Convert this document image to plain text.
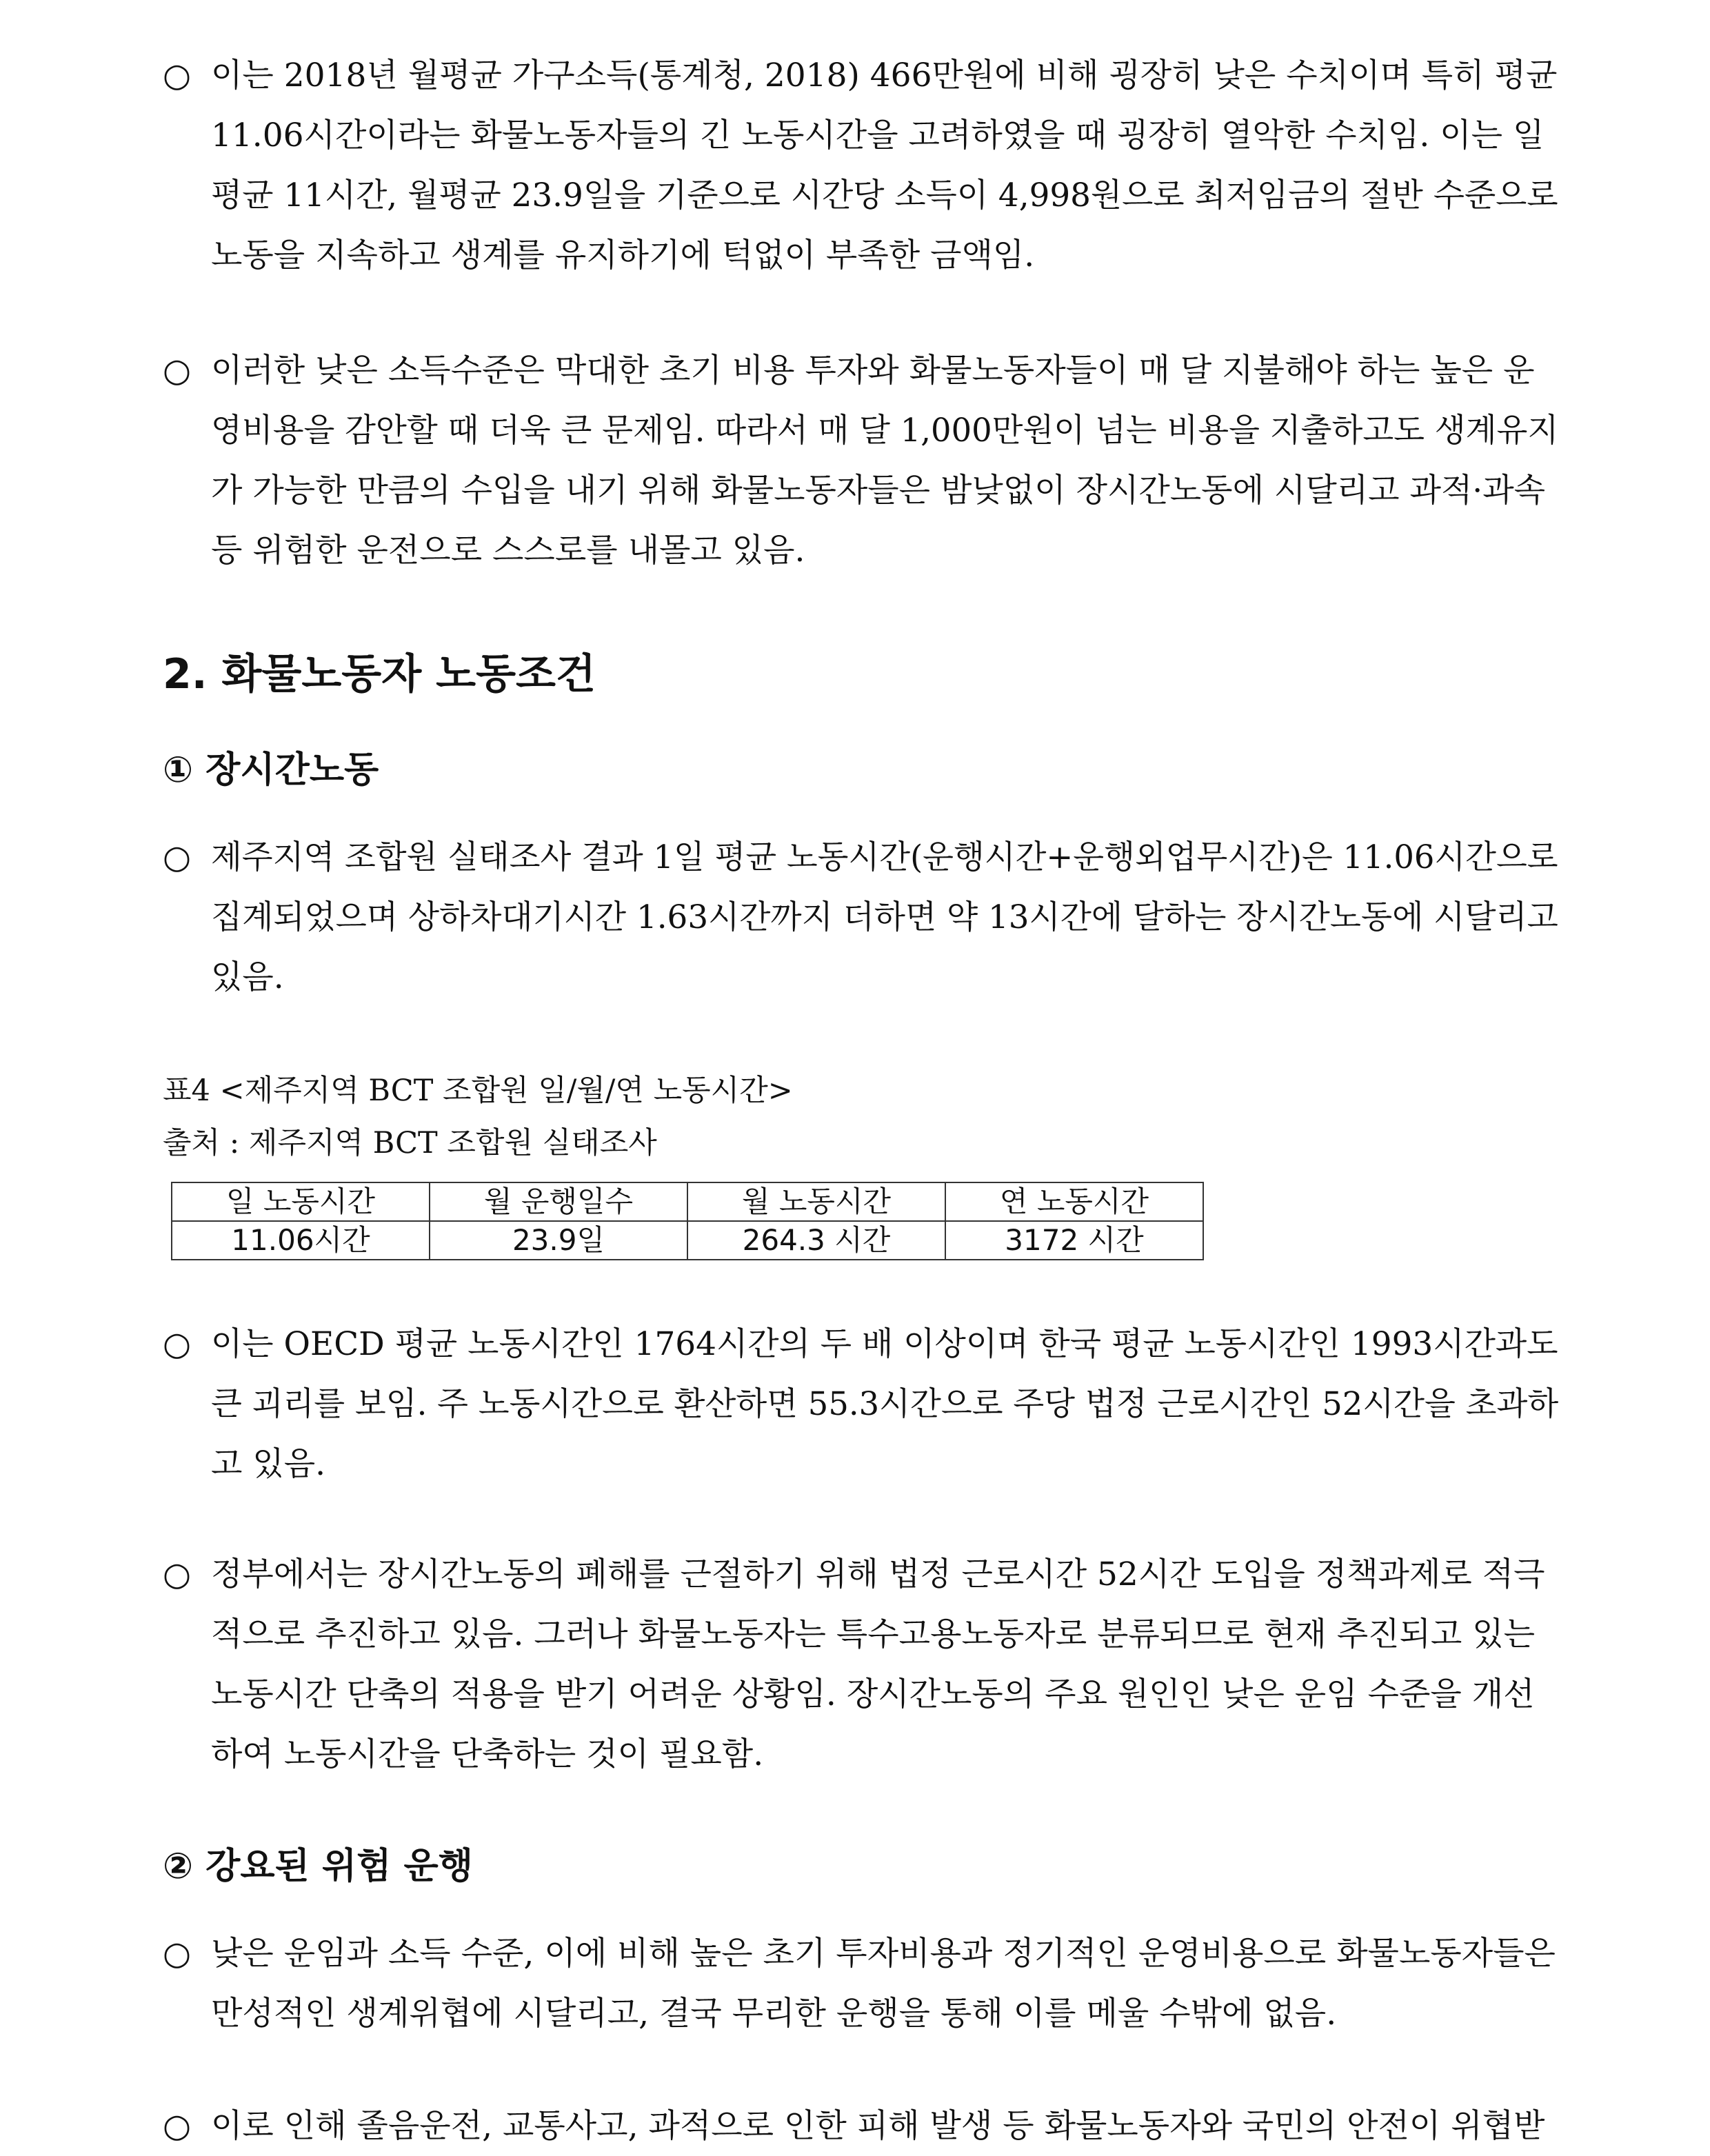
○ 이는 2018년 월평균 가구소득(통계청, 2018) 466만원에 비해 굉장히 낮은 수치이며 특히 평균
11.06시간이라는 화물노동자들의 긴 노동시간을 고려하였을 때 굉장히 열악한 수치임. 이는 일
평균 11시간, 월평균 23.9일을 기준으로 시간당 소득이 4,998원으로 최저임금의 절반 수준으로
노동을 지속하고 생계를 유지하기에 턱없이 부족한 금액임.
○ 이러한 낮은 소득수준은 막대한 초기 비용 투자와 화물노동자들이 매 달 지불해야 하는 높은 운
영비용을 감안할 때 더욱 큰 문제임. 따라서 매 달 1,000만원이 넘는 비용을 지출하고도 생계유지
가 가능한 만큼의 수입을 내기 위해 화물노동자들은 밤낮없이 장시간노동에 시달리고 과적·과속
등 위험한 운전으로 스스로를 내몰고 있음.
2. 화물노동자 노동조건
① 장시간노동
○ 제주지역 조합원 실태조사 결과 1일 평균 노동시간(운행시간+운행외업무시간)은 11.06시간으로
집계되었으며 상하차대기시간 1.63시간까지 더하면 약 13시간에 달하는 장시간노동에 시달리고
있음.
표4 <제주지역 BCT 조합원 일/월/연 노동시간>
출처 : 제주지역 BCT 조합원 실태조사
일 노동시간	월 운행일수	월 노동시간	연 노동시간
11.06시간	23.9일	264.3 시간	3172 시간
○ 이는 OECD 평균 노동시간인 1764시간의 두 배 이상이며 한국 평균 노동시간인 1993시간과도
큰 괴리를 보임. 주 노동시간으로 환산하면 55.3시간으로 주당 법정 근로시간인 52시간을 초과하
고 있음.
○ 정부에서는 장시간노동의 폐해를 근절하기 위해 법정 근로시간 52시간 도입을 정책과제로 적극
적으로 추진하고 있음. 그러나 화물노동자는 특수고용노동자로 분류되므로 현재 추진되고 있는
노동시간 단축의 적용을 받기 어려운 상황임. 장시간노동의 주요 원인인 낮은 운임 수준을 개선
하여 노동시간을 단축하는 것이 필요함.
② 강요된 위험 운행
○ 낮은 운임과 소득 수준, 이에 비해 높은 초기 투자비용과 정기적인 운영비용으로 화물노동자들은
만성적인 생계위협에 시달리고, 결국 무리한 운행을 통해 이를 메울 수밖에 없음.
○ 이로 인해 졸음운전, 교통사고, 과적으로 인한 피해 발생 등 화물노동자와 국민의 안전이 위협받
